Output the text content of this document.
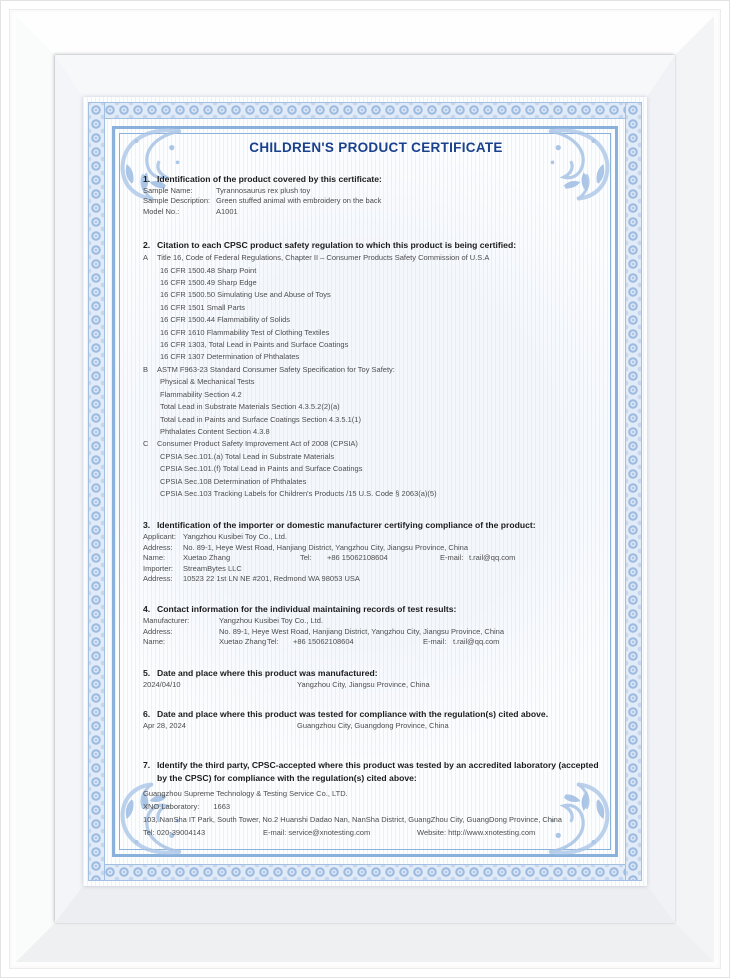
CHILDREN'S PRODUCT CERTIFICATE
1. Identification of the product covered by this certificate:
Sample Name:	Tyrannosaurus rex plush toy
Sample Description: Green stuffed animal with embroidery on the back
Model No.:	A1001
2. Citation to each CPSC product safety regulation to which this product is being certified:
A	Title 16, Code of Federal Regulations, Chapter II – Consumer Products Safety Commission of U.S.A
16 CFR 1500.48 Sharp Point
16 CFR 1500.49 Sharp Edge
16 CFR 1500.50 Simulating Use and Abuse of Toys
16 CFR 1501 Small Parts
16 CFR 1500.44 Flammability of Solids
16 CFR 1610 Flammability Test of Clothing Textiles
16 CFR 1303, Total Lead in Paints and Surface Coatings
16 CFR 1307 Determination of Phthalates
B	ASTM F963-23 Standard Consumer Safety Specification for Toy Safety:
Physical & Mechanical Tests
Flammability Section 4.2
Total Lead in Substrate Materials Section 4.3.5.2(2)(a)
Total Lead in Paints and Surface Coatings Section 4.3.5.1(1)
Phthalates Content Section 4.3.8
C	Consumer Product Safety Improvement Act of 2008 (CPSIA)
CPSIA Sec.101.(a) Total Lead in Substrate Materials
CPSIA Sec.101.(f) Total Lead in Paints and Surface Coatings
CPSIA Sec.108 Determination of Phthalates
CPSIA Sec.103 Tracking Labels for Children's Products /15 U.S. Code § 2063(a)(5)
3. Identification of the importer or domestic manufacturer certifying compliance of the product:
Applicant: Yangzhou Kusibei Toy Co., Ltd.
Address:	No. 89-1, Heye West Road, Hanjiang District, Yangzhou City, Jiangsu Province, China
Name: Xuetao Zhang	Tel: +86 15062108604	E-mail: t.rail@qq.com
Importer:	StreamBytes LLC
Address:	10523 22 1st LN NE #201, Redmond WA 98053 USA
4. Contact information for the individual maintaining records of test results:
Manufacturer:	Yangzhou Kusibei Toy Co., Ltd.
Address:	No. 89-1, Heye West Road, Hanjiang District, Yangzhou City, Jiangsu Province, China
Name:	Xuetao Zhang Tel: +86 15062108604	E-mail: t.rail@qq.com
5. Date and place where this product was manufactured:
2024/04/10	Yangzhou City, Jiangsu Province, China
6. Date and place where this product was tested for compliance with the regulation(s) cited above.
Apr 28, 2024	Guangzhou City, Guangdong Province, China
7. Identify the third party, CPSC-accepted where this product was tested by an accredited laboratory (accepted by the CPSC) for compliance with the regulation(s) cited above:
Guangzhou Supreme Technology & Testing Service Co., LTD.
XNO Laboratory: 1663
103, NanSha IT Park, South Tower, No.2 Huanshi Dadao Nan, NanSha District, GuangZhou City, GuangDong Province, China
Tel: 020-39004143	E-mail: service@xnotesting.com	Website: http://www.xnotesting.com
